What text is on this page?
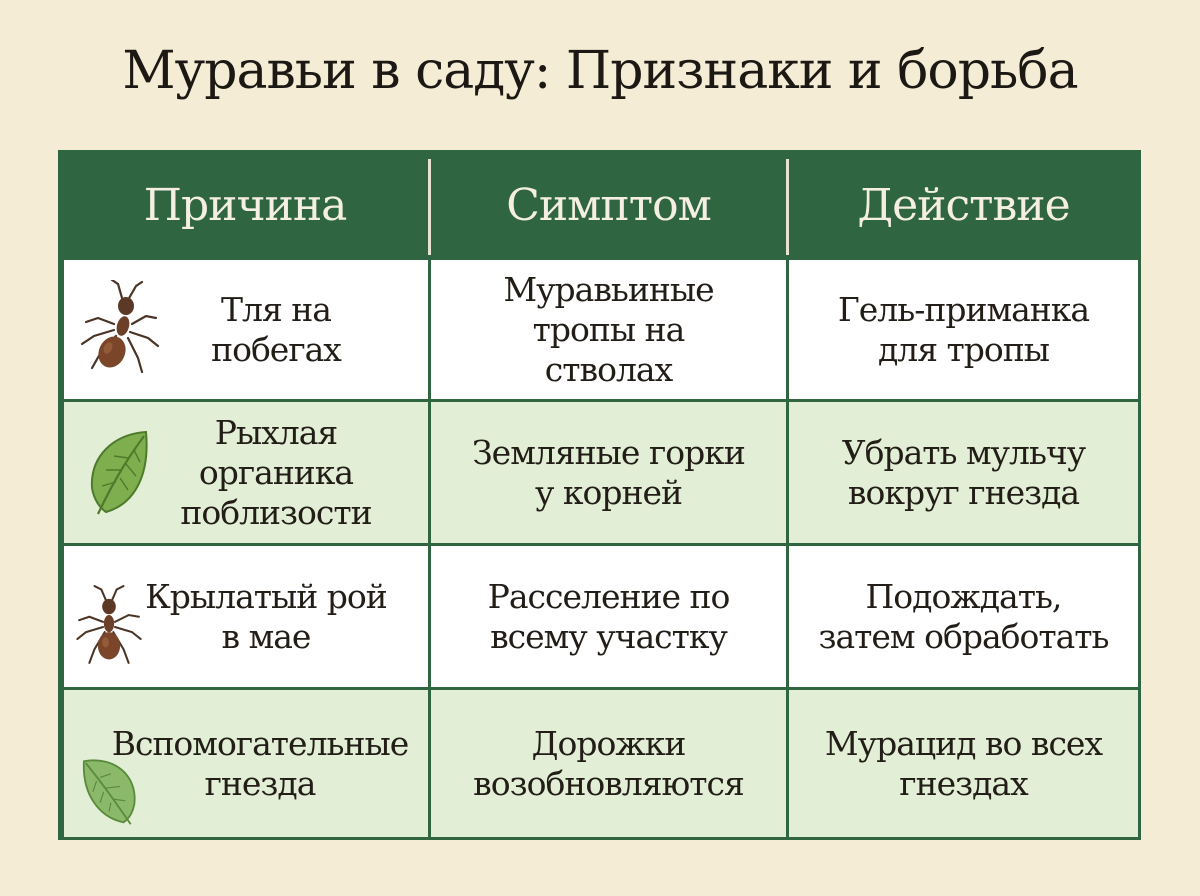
Муравьи в саду: Признаки и борьба
Причина	Симптом	Действие
Тля на
побегах
Муравьиные
тропы на
стволах
Гель-приманка
для тропы
Рыхлая
органика
поблизости
Земляные горки
у корней
Убрать мульчу
вокруг гнезда
Крылатый рой
в мае
Расселение по
всему участку
Подождать,
затем обработать
Вспомогательные
гнезда
Дорожки
возобновляются
Мурацид во всех
гнездах
